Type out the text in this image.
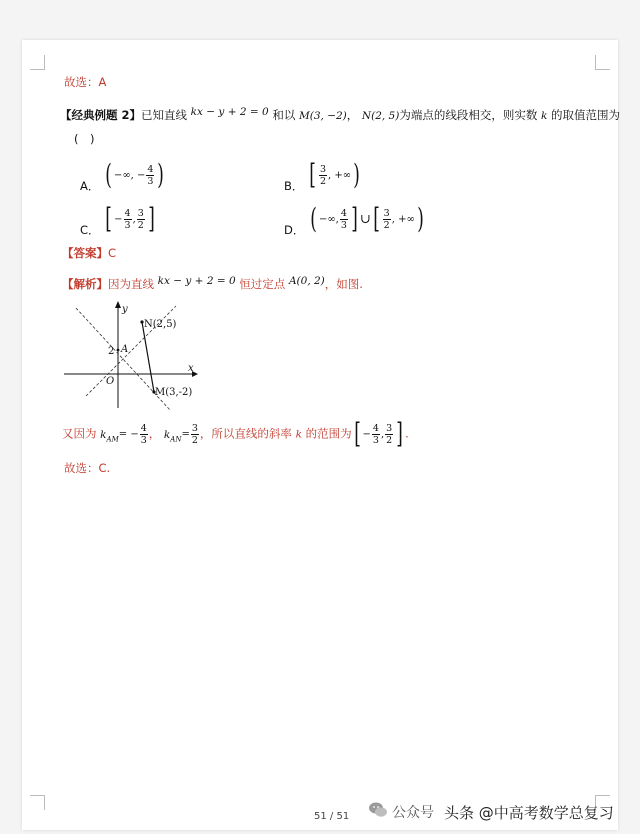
故选：A
【经典例题 2】已知直线 kx − y + 2 = 0 和以 M(3, −2)， N(2, 5)为端点的线段相交，则实数 k 的取值范围为
(　)
A． ( −∞, − $\frac{4}{3}$ )	B． [ $\frac{3}{2}$ , +∞)
C． [ − $\frac{4}{3}$ , $\frac{3}{2}$ ]	D． ( −∞, $\frac{4}{3}$ ] ∪[ $\frac{3}{2}$ , +∞)
【答案】C
【解析】因为直线 kx − y + 2 = 0 恒过定点 A(0, 2)，如图.
y
x
O
2 A
N(2,5)
M(3,-2)
又因为 $k_{AM}= - \frac{4}{3}$ ， $k_{AN}= \frac{3}{2}$ ，所以直线的斜率 k 的范围为[ − $\frac{4}{3}$ , $\frac{3}{2}$ ] .
故选：C.
51 / 51	公众号 头条 @中高考数学总复习
